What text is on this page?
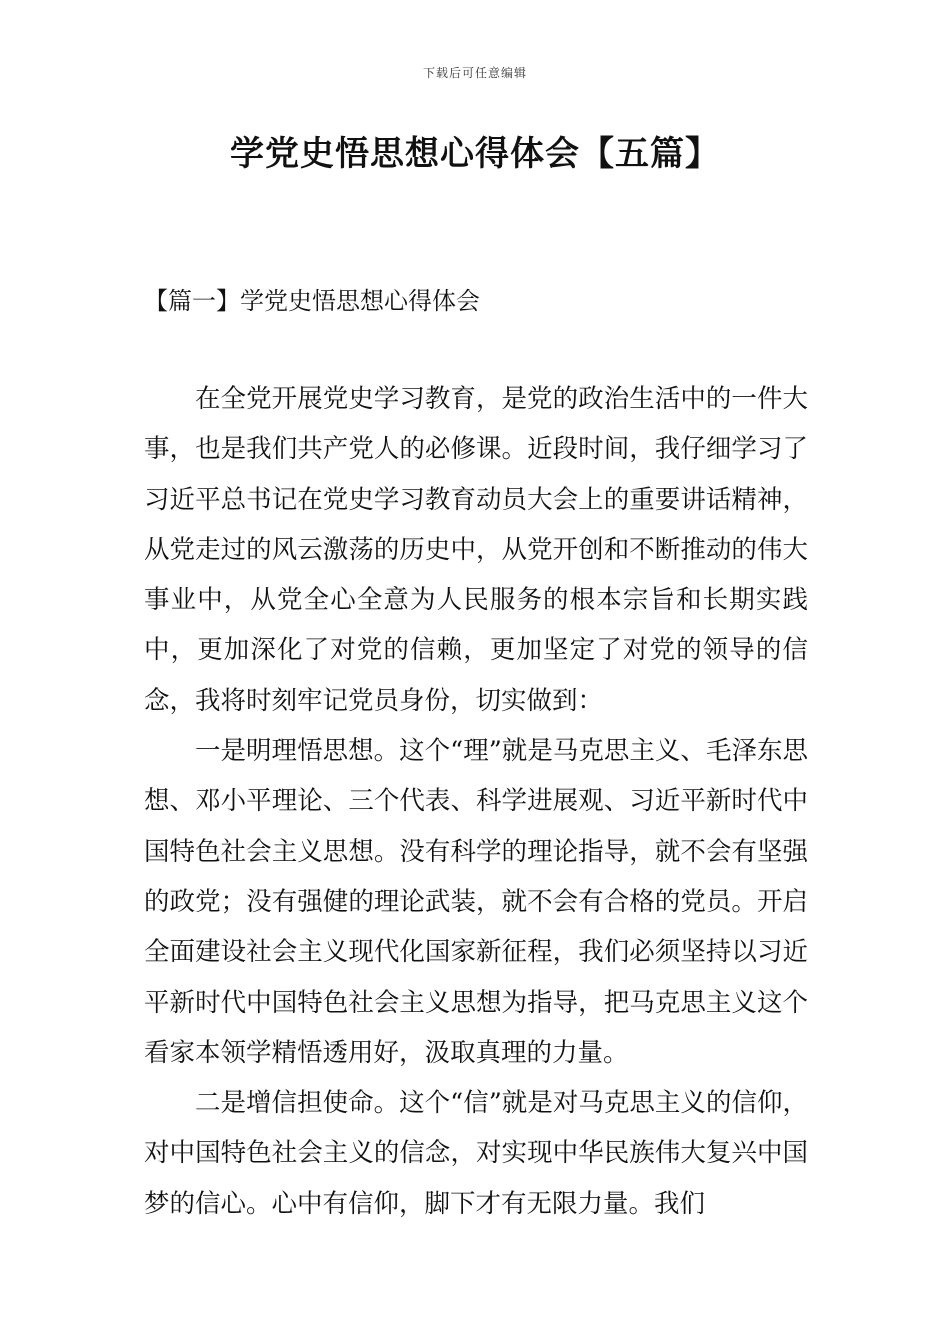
下载后可任意编辑
学党史悟思想心得体会【五篇】
【篇一】学党史悟思想心得体会

在全党开展党史学习教育，是党的政治生活中的一件大事，也是我们共产党人的必修课。近段时间，我仔细学习了习近平总书记在党史学习教育动员大会上的重要讲话精神，从党走过的风云激荡的历史中，从党开创和不断推动的伟大事业中，从党全心全意为人民服务的根本宗旨和长期实践中，更加深化了对党的信赖，更加坚定了对党的领导的信念，我将时刻牢记党员身份，切实做到：

一是明理悟思想。这个“理”就是马克思主义、毛泽东思想、邓小平理论、三个代表、科学进展观、习近平新时代中国特色社会主义思想。没有科学的理论指导，就不会有坚强的政党；没有强健的理论武装，就不会有合格的党员。开启全面建设社会主义现代化国家新征程，我们必须坚持以习近平新时代中国特色社会主义思想为指导，把马克思主义这个看家本领学精悟透用好，汲取真理的力量。

二是增信担使命。这个“信”就是对马克思主义的信仰，对中国特色社会主义的信念，对实现中华民族伟大复兴中国梦的信心。心中有信仰，脚下才有无限力量。我们
